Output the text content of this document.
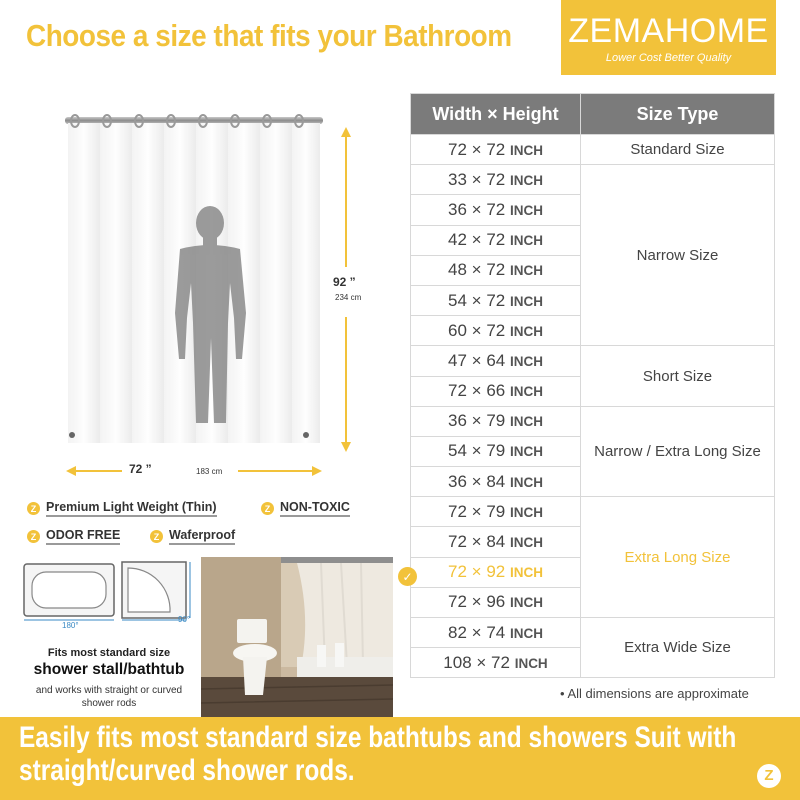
Choose a size that fits your Bathroom ZEMAHOME
Lower Cost Better Quality
92 ”
234 cm
72 ”	183 cm
Z Premium Light Weight (Thin)	Z NON-TOXIC
Z ODOR FREE	Z Waferproof
180°
90°
Fits most standard size
shower stall/bathtub
and works with straight or curved shower rods
Width × Height	Size Type
72 × 72 INCH	Standard Size
33 × 72 INCH	Narrow Size
36 × 72 INCH	
42 × 72 INCH	
48 × 72 INCH	
54 × 72 INCH	
60 × 72 INCH	
47 × 64 INCH	Short Size
72 × 66 INCH	
36 × 79 INCH	Narrow / Extra Long Size
54 × 79 INCH	
36 × 84 INCH	
72 × 79 INCH	Extra Long Size
72 × 84 INCH	
72 × 92 INCH	
72 × 96 INCH	
82 × 74 INCH	Extra Wide Size
108 × 72 INCH	
✓
• All dimensions are approximate
Easily fits most standard size bathtubs and showers Suit with straight/curved shower rods.	Z
